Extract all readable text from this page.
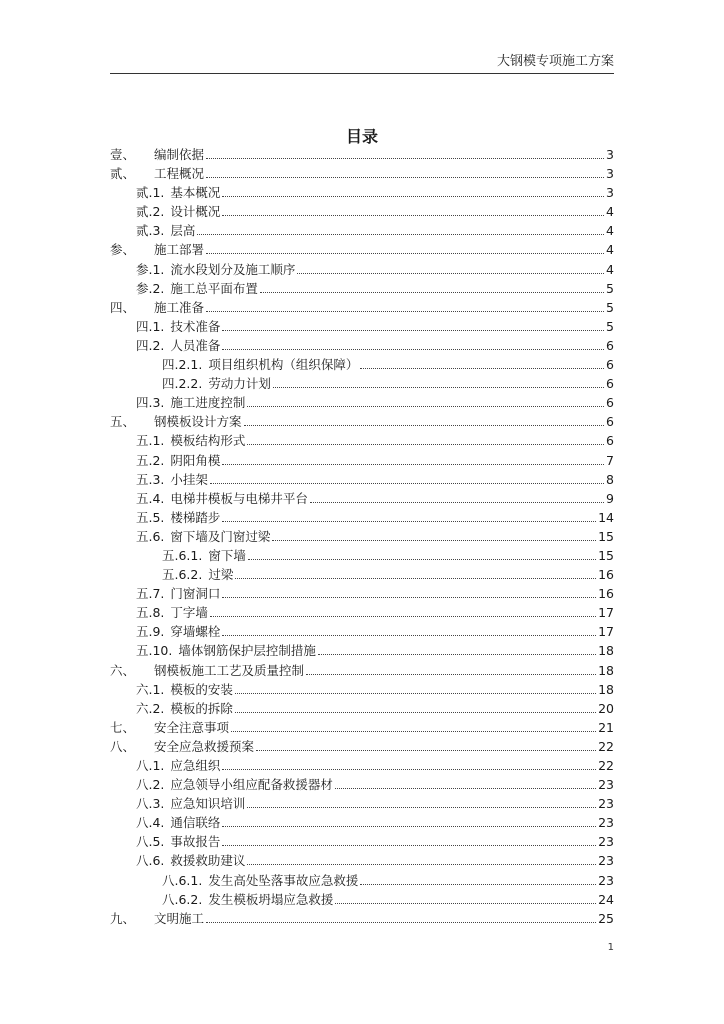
大钢模专项施工方案
目录
壹、	编制依据	3
贰、	工程概况	3
贰.1. 基本概况	3
贰.2. 设计概况	4
贰.3. 层高	4
参、	施工部署	4
参.1. 流水段划分及施工顺序	4
参.2. 施工总平面布置	5
四、	施工准备	5
四.1. 技术准备	5
四.2. 人员准备	6
四.2.1. 项目组织机构（组织保障）	6
四.2.2. 劳动力计划	6
四.3. 施工进度控制	6
五、	钢模板设计方案	6
五.1. 模板结构形式	6
五.2. 阴阳角模	7
五.3. 小挂架	8
五.4. 电梯井模板与电梯井平台	9
五.5. 楼梯踏步	14
五.6. 窗下墙及门窗过梁	15
五.6.1. 窗下墙	15
五.6.2. 过梁	16
五.7. 门窗洞口	16
五.8. 丁字墙	17
五.9. 穿墙螺栓	17
五.10. 墙体钢筋保护层控制措施	18
六、	钢模板施工工艺及质量控制	18
六.1. 模板的安装	18
六.2. 模板的拆除	20
七、	安全注意事项	21
八、	安全应急救援预案	22
八.1. 应急组织	22
八.2. 应急领导小组应配备救援器材	23
八.3. 应急知识培训	23
八.4. 通信联络	23
八.5. 事故报告	23
八.6. 救援救助建议	23
八.6.1. 发生高处坠落事故应急救援	23
八.6.2. 发生模板坍塌应急救援	24
九、	文明施工	25
1
